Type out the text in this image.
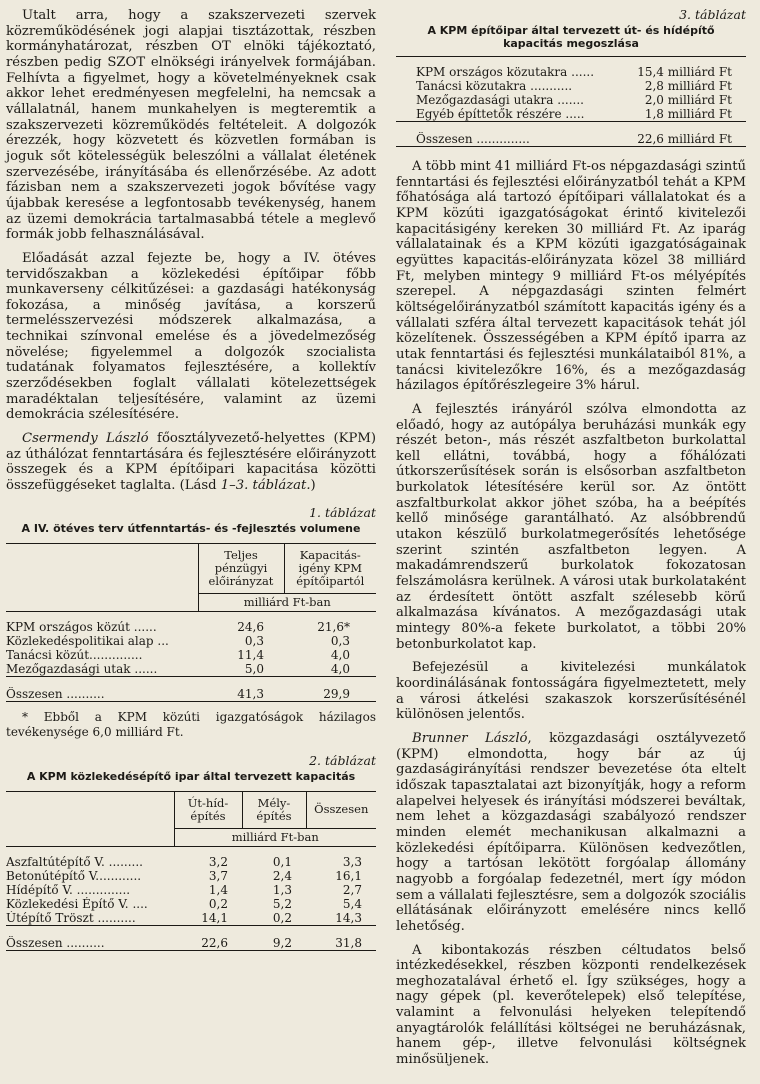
Utalt arra, hogy a szakszervezeti szervek közreműködésének jogi alapjai tisztázottak, részben kormányhatározat, részben OT elnöki tájékoztató, részben pedig SZOT elnökségi irányelvek formájában. Felhívta a figyelmet, hogy a követelményeknek csak akkor lehet eredményesen megfelelni, ha nemcsak a vállalatnál, hanem munkahelyen is megteremtik a szakszervezeti közreműködés feltételeit. A dolgozók érezzék, hogy közvetett és közvetlen formában is joguk sőt kötelességük beleszólni a vállalat életének szervezésébe, irányításába és ellenőrzésébe. Az adott fázisban nem a szakszervezeti jogok bővítése vagy újabbak keresése a legfontosabb tevékenység, hanem az üzemi demokrácia tartalmasabbá tétele a meglevő formák jobb felhasználásával.

Előadását azzal fejezte be, hogy a IV. ötéves tervidőszakban a közlekedési építőipar főbb munkaverseny célkitűzései: a gazdasági hatékonyság fokozása, a minőség javítása, a korszerű termelésszervezési módszerek alkalmazása, a technikai színvonal emelése és a jövedelmezőség növelése; figyelemmel a dolgozók szocialista tudatának folyamatos fejlesztésére, a kollektív szerződésekben foglalt vállalati kötelezettségek maradéktalan teljesítésére, valamint az üzemi demokrácia szélesítésére.

Csermendy László főosztályvezető-helyettes (KPM) az úthálózat fenntartására és fejlesztésére előirányzott összegek és a KPM építőipari kapacitása közötti összefüggéseket taglalta. (Lásd 1–3. táblázat.)

1. táblázat
A IV. ötéves terv útfenntartás- és -fejlesztés volumene
	Teljes pénzügyi előirányzat	Kapacitás-igény KPM építőipartól
	milliárd Ft-ban	

KPM országos közút ......	24,6	21,6*
Közlekedéspolitikai alap ...	0,3	0,3
Tanácsi közút..............	11,4	4,0
Mezőgazdasági utak ......	5,0	4,0

Összesen ..........	41,3	29,9

* Ebből a KPM közúti igazgatóságok házilagos tevékenysége 6,0 milliárd Ft.

2. táblázat
A KPM közlekedésépítő ipar által tervezett kapacitás
	Út-híd-építés	Mély-építés	Összesen
	milliárd Ft-ban		

Aszfaltútépítő V. .........	3,2	0,1	3,3
Betonútépítő V............	3,7	2,4	16,1
Hídépítő V. ..............	1,4	1,3	2,7
Közlekedési Építő V. ....	0,2	5,2	5,4
Útépítő Tröszt ..........	14,1	0,2	14,3

Összesen ..........	22,6	9,2	31,8

3. táblázat
A KPM építőipar által tervezett út- és hídépítő kapacitás megoszlása

KPM országos közutakra ......	15,4 milliárd Ft
Tanácsi közutakra ...........	2,8 milliárd Ft
Mezőgazdasági utakra .......	2,0 milliárd Ft
Egyéb építtetők részére .....	1,8 milliárd Ft

Összesen ..............	22,6 milliárd Ft

A több mint 41 milliárd Ft-os népgazdasági szintű fenntartási és fejlesztési előirányzatból tehát a KPM főhatósága alá tartozó építőipari vállalatokat és a KPM közúti igazgatóságokat érintő kivitelezői kapacitásigény kereken 30 milliárd Ft. Az iparág vállalatainak és a KPM közúti igazgatóságainak együttes kapacitás-előirányzata közel 38 milliárd Ft, melyben mintegy 9 milliárd Ft-os mélyépítés szerepel. A népgazdasági szinten felmért költségelőirányzatból számított kapacitás igény és a vállalati szféra által tervezett kapacitások tehát jól közelítenek. Összességében a KPM építő iparra az utak fenntartási és fejlesztési munkálataiból 81%, a tanácsi kivitelezőkre 16%, és a mezőgazdaság házilagos építőrészlegeire 3% hárul.

A fejlesztés irányáról szólva elmondotta az előadó, hogy az autópálya beruházási munkák egy részét beton-, más részét aszfaltbeton burkolattal kell ellátni, továbbá, hogy a főhálózati útkorszerűsítések során is elsősorban aszfaltbeton burkolatok létesítésére kerül sor. Az öntött aszfaltburkolat akkor jöhet szóba, ha a beépítés kellő minősége garantálható. Az alsóbbrendű utakon készülő burkolatmegerősítés lehetősége szerint szintén aszfaltbeton legyen. A makadámrendszerű burkolatok fokozatosan felszámolásra kerülnek. A városi utak burkolataként az érdesített öntött aszfalt szélesebb körű alkalmazása kívánatos. A mezőgazdasági utak mintegy 80%-a fekete burkolatot, a többi 20% betonburkolatot kap.

Befejezésül a kivitelezési munkálatok koordinálásának fontosságára figyelmeztetett, mely a városi átkelési szakaszok korszerűsítésénél különösen jelentős.

Brunner László, közgazdasági osztályvezető (KPM) elmondotta, hogy bár az új gazdaságirányítási rendszer bevezetése óta eltelt időszak tapasztalatai azt bizonyítják, hogy a reform alapelvei helyesek és irányítási módszerei beváltak, nem lehet a közgazdasági szabályozó rendszer minden elemét mechanikusan alkalmazni a közlekedési építőiparra. Különösen kedvezőtlen, hogy a tartósan lekötött forgóalap állomány nagyobb a forgóalap fedezetnél, mert így módon sem a vállalati fejlesztésre, sem a dolgozók szociális ellátásának előirányzott emelésére nincs kellő lehetőség.

A kibontakozás részben céltudatos belső intézkedésekkel, részben központi rendelkezések meghozatalával érhető el. Így szükséges, hogy a nagy gépek (pl. keverőtelepek) első telepítése, valamint a felvonulási helyeken telepítendő anyagtárolók felállítási költségei ne beruházásnak, hanem gép-, illetve felvonulási költségnek minősüljenek.
